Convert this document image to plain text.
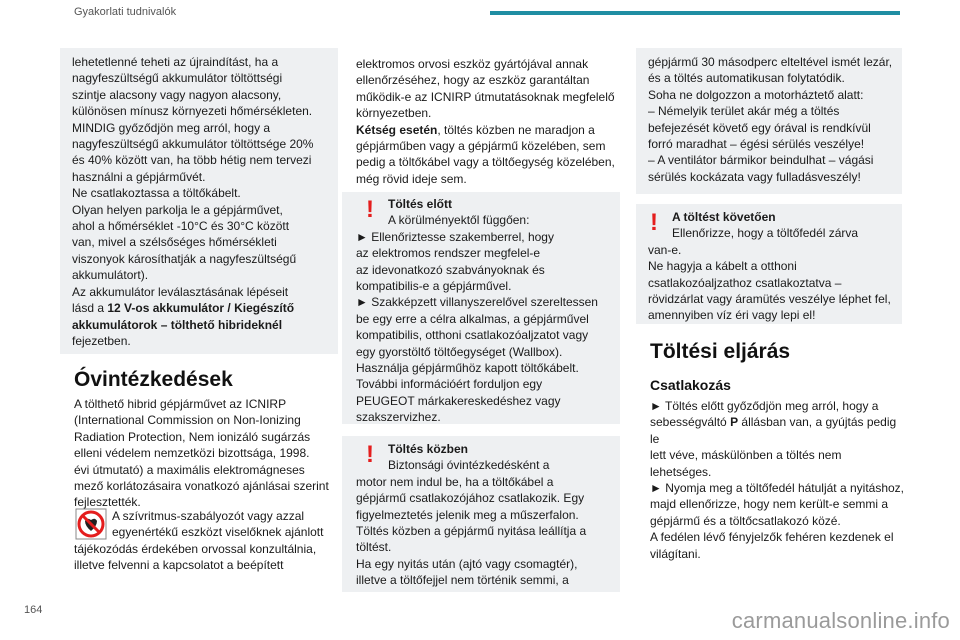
Gyakorlati tudnivalók

lehetetlenné teheti az újraindítást, ha a

nagyfeszültségű akkumulátor töltöttségi

szintje alacsony vagy nagyon alacsony,

különösen mínusz környezeti hőmérsékleten.

MINDIG győződjön meg arról, hogy a

nagyfeszültségű akkumulátor töltöttsége 20%

és 40% között van, ha több hétig nem tervezi

használni a gépjárművét.

Ne csatlakoztassa a töltőkábelt.

Olyan helyen parkolja le a gépjárművet,

ahol a hőmérséklet -10°C és 30°C között

van, mivel a szélsőséges hőmérsékleti

viszonyok károsíthatják a nagyfeszültségű

akkumulátort).

Az akkumulátor leválasztásának lépéseit

lásd a 12 V-os akkumulátor / Kiegészítő

akkumulátorok – tölthető hibrideknél

fejezetben.

Óvintézkedések

A tölthető hibrid gépjárművet az ICNIRP

(International Commission on Non-Ionizing

Radiation Protection, Nem ionizáló sugárzás

elleni védelem nemzetközi bizottsága, 1998.

évi útmutató) a maximális elektromágneses

mező korlátozásaira vonatkozó ajánlásai szerint

fejlesztették.

A szívritmus-szabályozót vagy azzal

egyenértékű eszközt viselőknek ajánlott

tájékozódás érdekében orvossal konzultálnia,

illetve felvenni a kapcsolatot a beépített

elektromos orvosi eszköz gyártójával annak

ellenőrzéséhez, hogy az eszköz garantáltan

működik-e az ICNIRP útmutatásoknak megfelelő

környezetben.

Kétség esetén, töltés közben ne maradjon a

gépjárműben vagy a gépjármű közelében, sem

pedig a töltőkábel vagy a töltőegység közelében,

még rövid ideje sem.

!	Töltés előtt

A körülményektől függően:

► Ellenőriztesse szakemberrel, hogy

az elektromos rendszer megfelel-e

az idevonatkozó szabványoknak és

kompatibilis-e a gépjárművel.

► Szakképzett villanyszerelővel szereltessen

be egy erre a célra alkalmas, a gépjárművel

kompatibilis, otthoni csatlakozóaljzatot vagy

egy gyorstöltő töltőegységet (Wallbox).

Használja gépjárműhöz kapott töltőkábelt.

További információért forduljon egy

PEUGEOT márkakereskedéshez vagy

szakszervizhez.

!	Töltés közben

Biztonsági óvintézkedésként a

motor nem indul be, ha a töltőkábel a

gépjármű csatlakozójához csatlakozik. Egy

figyelmeztetés jelenik meg a műszerfalon.

Töltés közben a gépjármű nyitása leállítja a

töltést.

Ha egy nyitás után (ajtó vagy csomagtér),

illetve a töltőfejjel nem történik semmi, a

gépjármű 30 másodperc elteltével ismét lezár,

és a töltés automatikusan folytatódik.

Soha ne dolgozzon a motorháztető alatt:

– Némelyik terület akár még a töltés

befejezését követő egy órával is rendkívül

forró maradhat – égési sérülés veszélye!

– A ventilátor bármikor beindulhat – vágási

sérülés kockázata vagy fulladásveszély!

!	A töltést követően

Ellenőrizze, hogy a töltőfedél zárva

van-e.

Ne hagyja a kábelt a otthoni

csatlakozóaljzathoz csatlakoztatva –

rövidzárlat vagy áramütés veszélye léphet fel,

amennyiben víz éri vagy lepi el!

Töltési eljárás
Csatlakozás

► Töltés előtt győződjön meg arról, hogy a

sebességváltó P állásban van, a gyújtás pedig le

lett véve, máskülönben a töltés nem lehetséges.

► Nyomja meg a töltőfedél hátulját a nyitáshoz,

majd ellenőrizze, hogy nem került-e semmi a

gépjármű és a töltőcsatlakozó közé.

A fedélen lévő fényjelzők fehéren kezdenek el

világítani.

164	carmanualsonline.info
